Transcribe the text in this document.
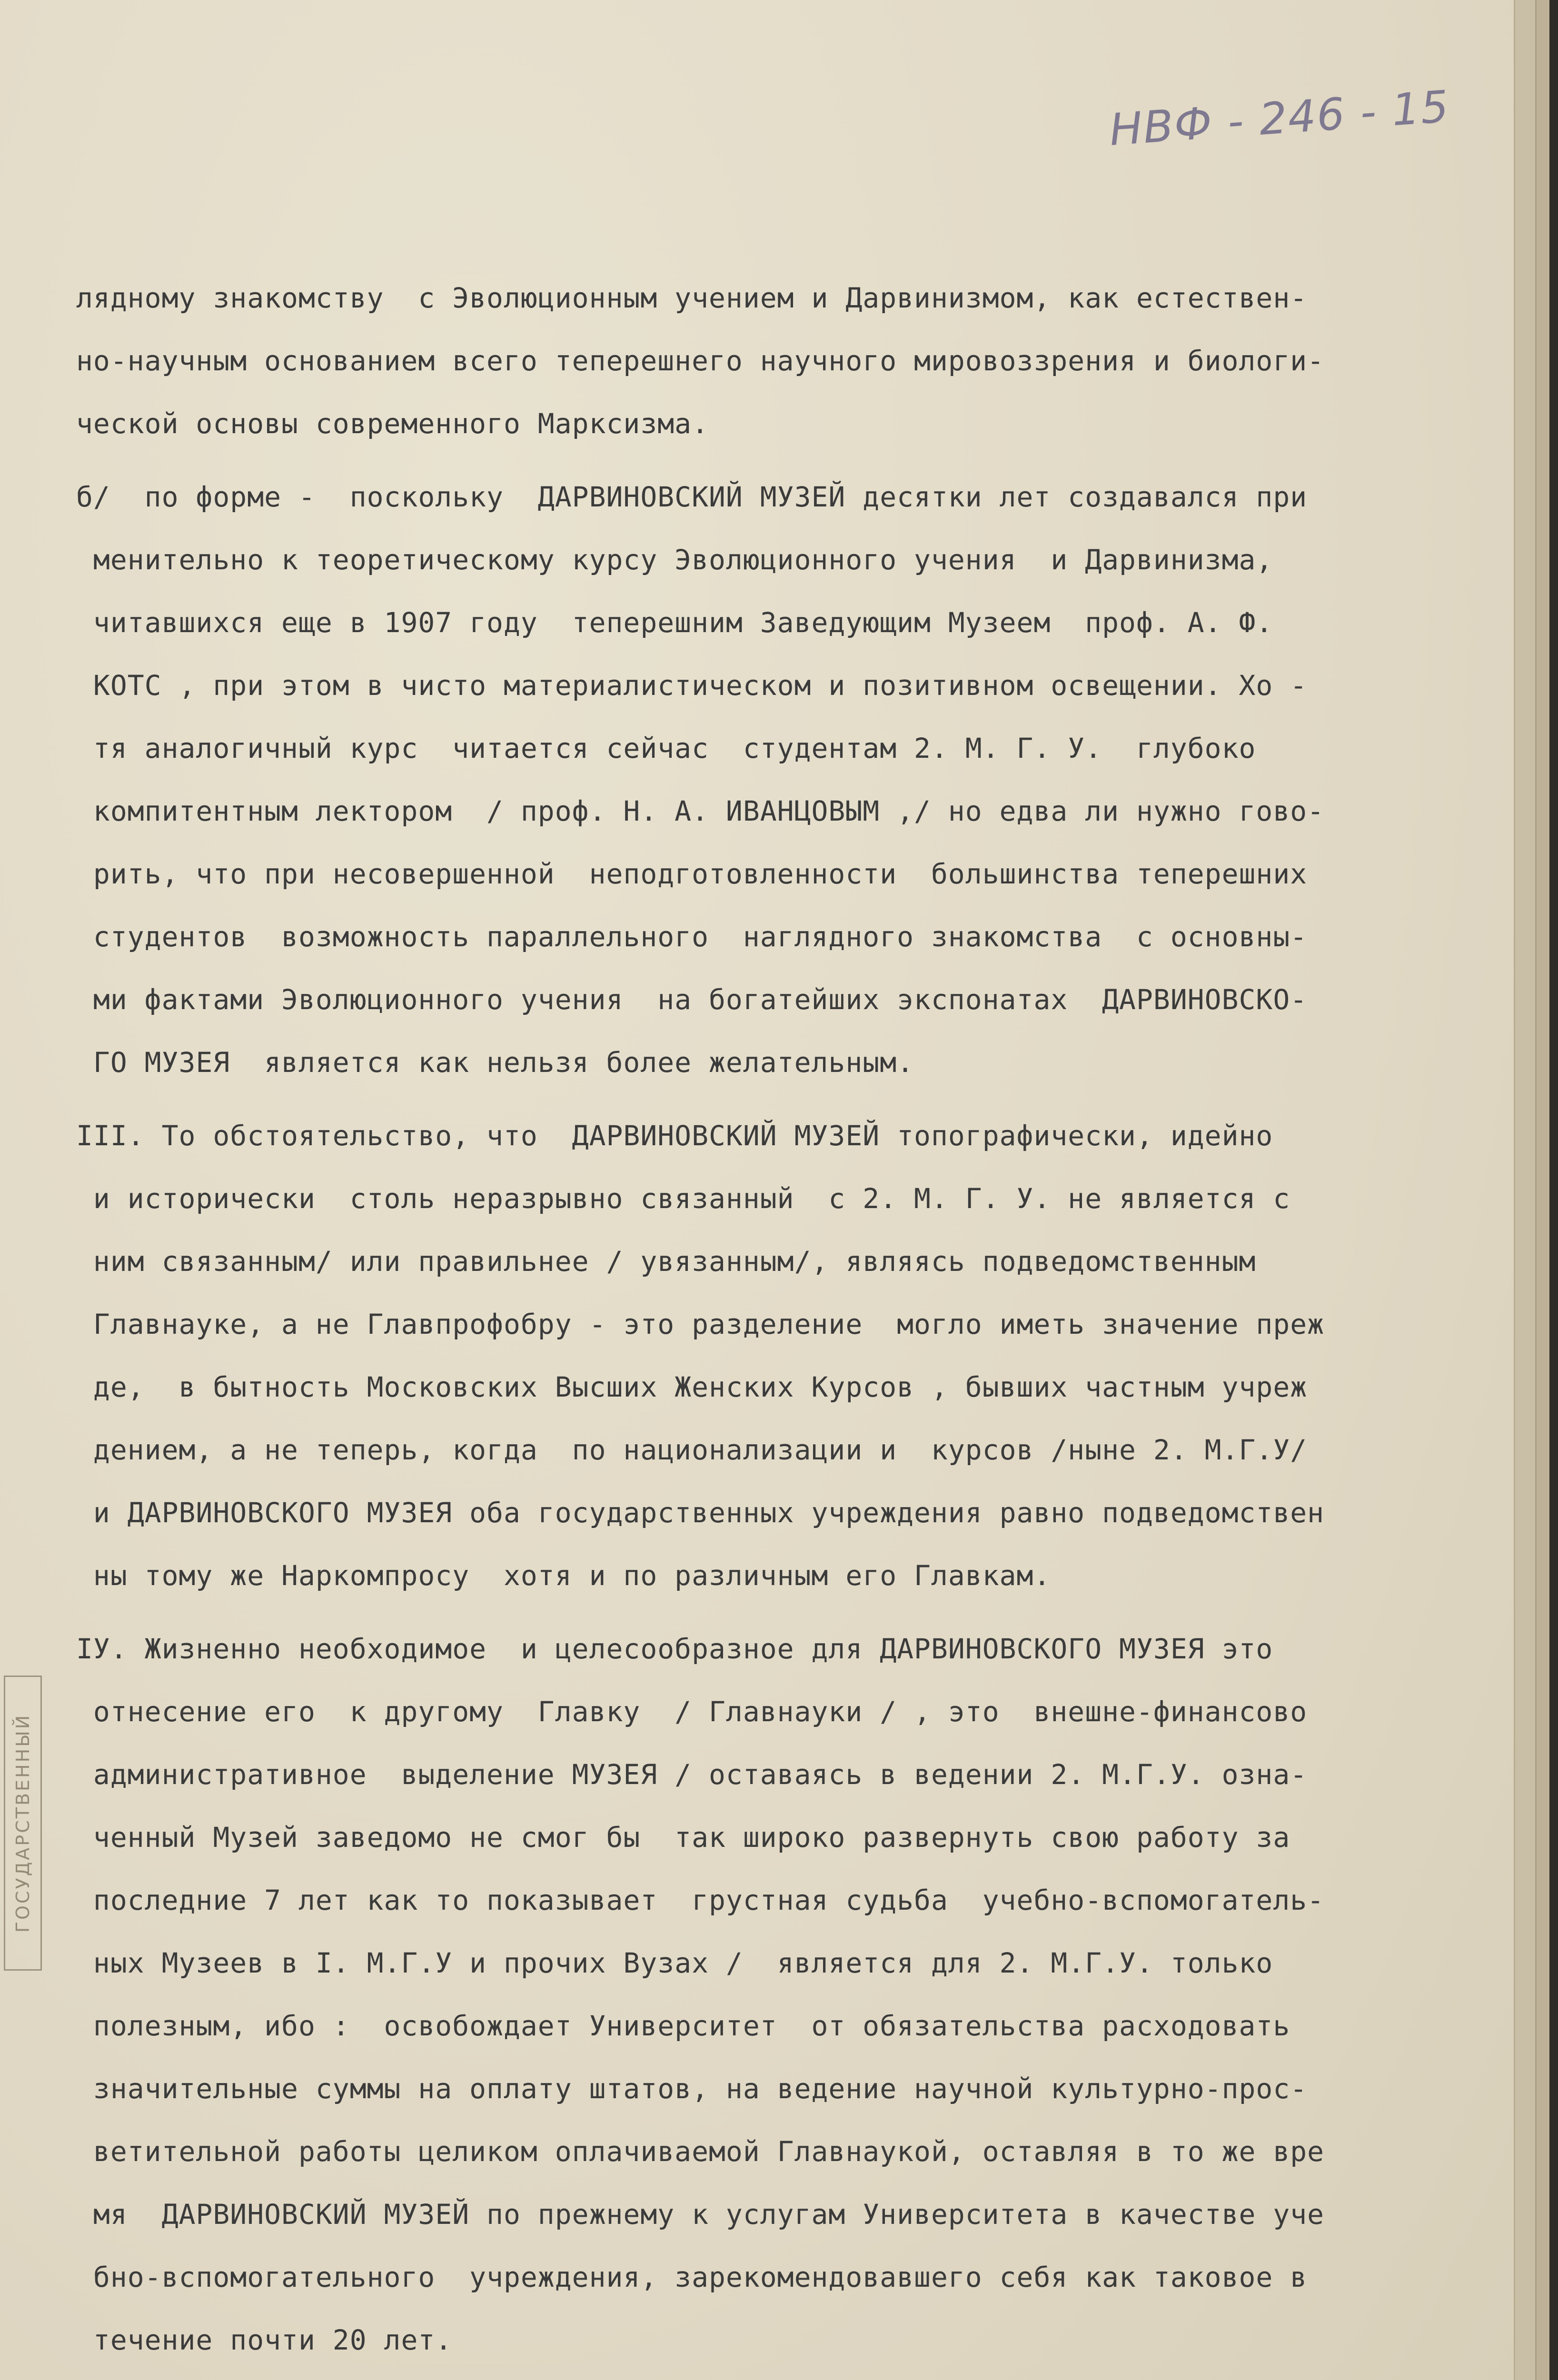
НВФ - 246 - 15
ГОСУДАРСТВЕННЫЙ
лядному знакомству  с Эволюционным учением и Дарвинизмом, как естествен-
но-научным основанием всего теперешнего научного мировоззрения и биологи-
ческой основы современного Марксизма.
б/  по форме -  поскольку  ДАРВИНОВСКИЙ МУЗЕЙ десятки лет создавался при
менительно к теоретическому курсу Эволюционного учения  и Дарвинизма,
читавшихся еще в 1907 году  теперешним Заведующим Музеем  проф. А. Ф.
КОТС , при этом в чисто материалистическом и позитивном освещении. Хо -
тя аналогичный курс  читается сейчас  студентам 2. М. Г. У.  глубоко
компитентным лектором  / проф. Н. А. ИВАНЦОВЫМ ,/ но едва ли нужно гово-
рить, что при несовершенной  неподготовленности  большинства теперешних
студентов  возможность параллельного  наглядного знакомства  с основны-
ми фактами Эволюционного учения  на богатейших экспонатах  ДАРВИНОВСКО-
ГО МУЗЕЯ  является как нельзя более желательным.
III. То обстоятельство, что  ДАРВИНОВСКИЙ МУЗЕЙ топографически, идейно
и исторически  столь неразрывно связанный  с 2. М. Г. У. не является с
ним связанным/ или правильнее / увязанным/, являясь подведомственным
Главнауке, а не Главпрофобру - это разделение  могло иметь значение преж
де,  в бытность Московских Высших Женских Курсов , бывших частным учреж
дением, а не теперь, когда  по национализации и  курсов /ныне 2. М.Г.У/
и ДАРВИНОВСКОГО МУЗЕЯ оба государственных учреждения равно подведомствен
ны тому же Наркомпросу  хотя и по различным его Главкам.
IУ. Жизненно необходимое  и целесообразное для ДАРВИНОВСКОГО МУЗЕЯ это
отнесение его  к другому  Главку  / Главнауки / , это  внешне-финансово
административное  выделение МУЗЕЯ / оставаясь в ведении 2. М.Г.У. озна-
ченный Музей заведомо не смог бы  так широко развернуть свою работу за
последние 7 лет как то показывает  грустная судьба  учебно-вспомогатель-
ных Музеев в I. М.Г.У и прочих Вузах /  является для 2. М.Г.У. только
полезным, ибо :  освобождает Университет  от обязательства расходовать
значительные суммы на оплату штатов, на ведение научной культурно-прос-
ветительной работы целиком оплачиваемой Главнаукой, оставляя в то же вре
мя  ДАРВИНОВСКИЙ МУЗЕЙ по прежнему к услугам Университета в качестве уче
бно-вспомогательного  учреждения, зарекомендовавшего себя как таковое в
течение почти 20 лет.
